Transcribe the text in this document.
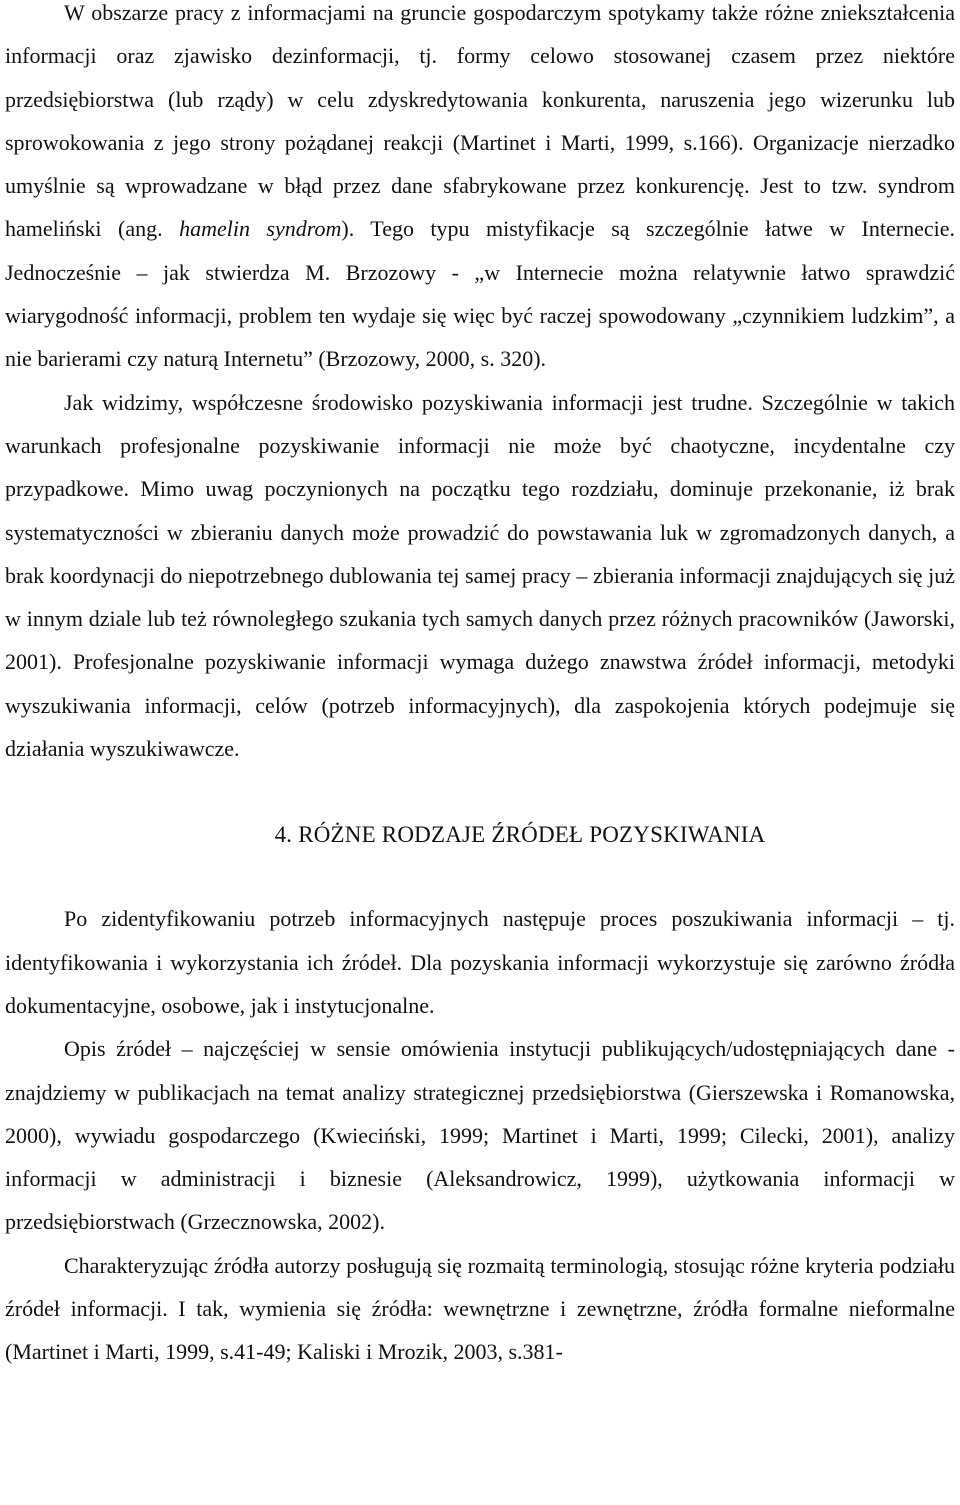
W obszarze pracy z informacjami na gruncie gospodarczym spotykamy także różne zniekształcenia informacji oraz zjawisko dezinformacji, tj. formy celowo stosowanej czasem przez niektóre przedsiębiorstwa (lub rządy) w celu zdyskredytowania konkurenta, naruszenia jego wizerunku lub sprowokowania z jego strony pożądanej reakcji (Martinet i Marti, 1999, s.166). Organizacje nierzadko umyślnie są wprowadzane w błąd przez dane sfabrykowane przez konkurencję. Jest to tzw. syndrom hameliński (ang. hamelin syndrom). Tego typu mistyfikacje są szczególnie łatwe w Internecie. Jednocześnie – jak stwierdza M. Brzozowy - „w Internecie można relatywnie łatwo sprawdzić wiarygodność informacji, problem ten wydaje się więc być raczej spowodowany „czynnikiem ludzkim”, a nie barierami czy naturą Internetu” (Brzozowy, 2000, s. 320).

Jak widzimy, współczesne środowisko pozyskiwania informacji jest trudne. Szczególnie w takich warunkach profesjonalne pozyskiwanie informacji nie może być chaotyczne, incydentalne czy przypadkowe. Mimo uwag poczynionych na początku tego rozdziału, dominuje przekonanie, iż brak systematyczności w zbieraniu danych może prowadzić do powstawania luk w zgromadzonych danych, a brak koordynacji do niepotrzebnego dublowania tej samej pracy – zbierania informacji znajdujących się już w innym dziale lub też równoległego szukania tych samych danych przez różnych pracowników (Jaworski, 2001). Profesjonalne pozyskiwanie informacji wymaga dużego znawstwa źródeł informacji, metodyki wyszukiwania informacji, celów (potrzeb informacyjnych), dla zaspokojenia których podejmuje się działania wyszukiwawcze.

4. RÓŻNE RODZAJE ŹRÓDEŁ POZYSKIWANIA

Po zidentyfikowaniu potrzeb informacyjnych następuje proces poszukiwania informacji – tj. identyfikowania i wykorzystania ich źródeł. Dla pozyskania informacji wykorzystuje się zarówno źródła dokumentacyjne, osobowe, jak i instytucjonalne.

Opis źródeł – najczęściej w sensie omówienia instytucji publikujących/udostępniających dane - znajdziemy w publikacjach na temat analizy strategicznej przedsiębiorstwa (Gierszewska i Romanowska, 2000), wywiadu gospodarczego (Kwieciński, 1999; Martinet i Marti, 1999; Cilecki, 2001), analizy informacji w administracji i biznesie (Aleksandrowicz, 1999), użytkowania informacji w przedsiębiorstwach (Grzecznowska, 2002).

Charakteryzując źródła autorzy posługują się rozmaitą terminologią, stosując różne kryteria podziału źródeł informacji. I tak, wymienia się źródła: wewnętrzne i zewnętrzne, źródła formalne nieformalne (Martinet i Marti, 1999, s.41-49; Kaliski i Mrozik, 2003, s.381-
